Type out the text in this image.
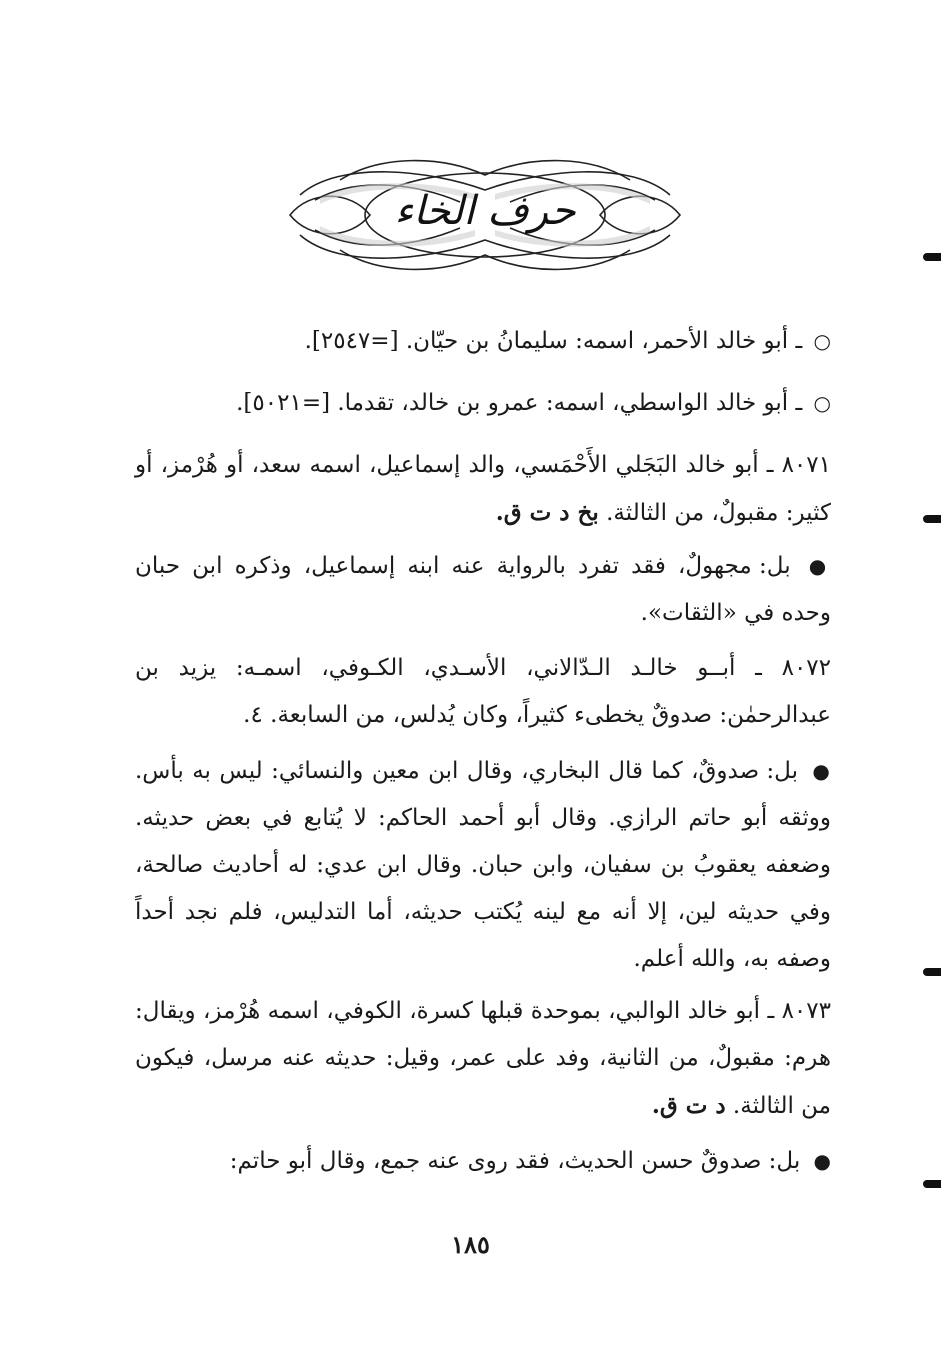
حرف الخاء
○ ـ أبو خالد الأحمر، اسمه: سليمانُ بن حيّان. [=٢٥٤٧].
○ ـ أبو خالد الواسطي، اسمه: عمرو بن خالد، تقدما. [=٥٠٢١].
٨٠٧١ ـ أبو خالد البَجَلي الأَحْمَسي، والد إسماعيل، اسمه سعد، أو هُرْمز، أو كثير: مقبولٌ، من الثالثة. بخ د ت ق.
● بل: مجهولٌ، فقد تفرد بالرواية عنه ابنه إسماعيل، وذكره ابن حبان وحده في «الثقات».
٨٠٧٢ ـ أبــو خالـد الـدّالاني، الأسـدي، الكـوفي، اسمـه: يزيد بن عبدالرحمٰن: صدوقٌ يخطىء كثيراً، وكان يُدلس، من السابعة. ٤.
● بل: صدوقٌ، كما قال البخاري، وقال ابن معين والنسائي: ليس به بأس. ووثقه أبو حاتم الرازي. وقال أبو أحمد الحاكم: لا يُتابع في بعض حديثه. وضعفه يعقوبُ بن سفيان، وابن حبان. وقال ابن عدي: له أحاديث صالحة، وفي حديثه لين، إلا أنه مع لينه يُكتب حديثه، أما التدليس، فلم نجد أحداً وصفه به، والله أعلم.
٨٠٧٣ ـ أبو خالد الوالبي، بموحدة قبلها كسرة، الكوفي، اسمه هُرْمز، ويقال: هرم: مقبولٌ، من الثانية، وفد على عمر، وقيل: حديثه عنه مرسل، فيكون من الثالثة. د ت ق.
● بل: صدوقٌ حسن الحديث، فقد روى عنه جمع، وقال أبو حاتم:
١٨٥
